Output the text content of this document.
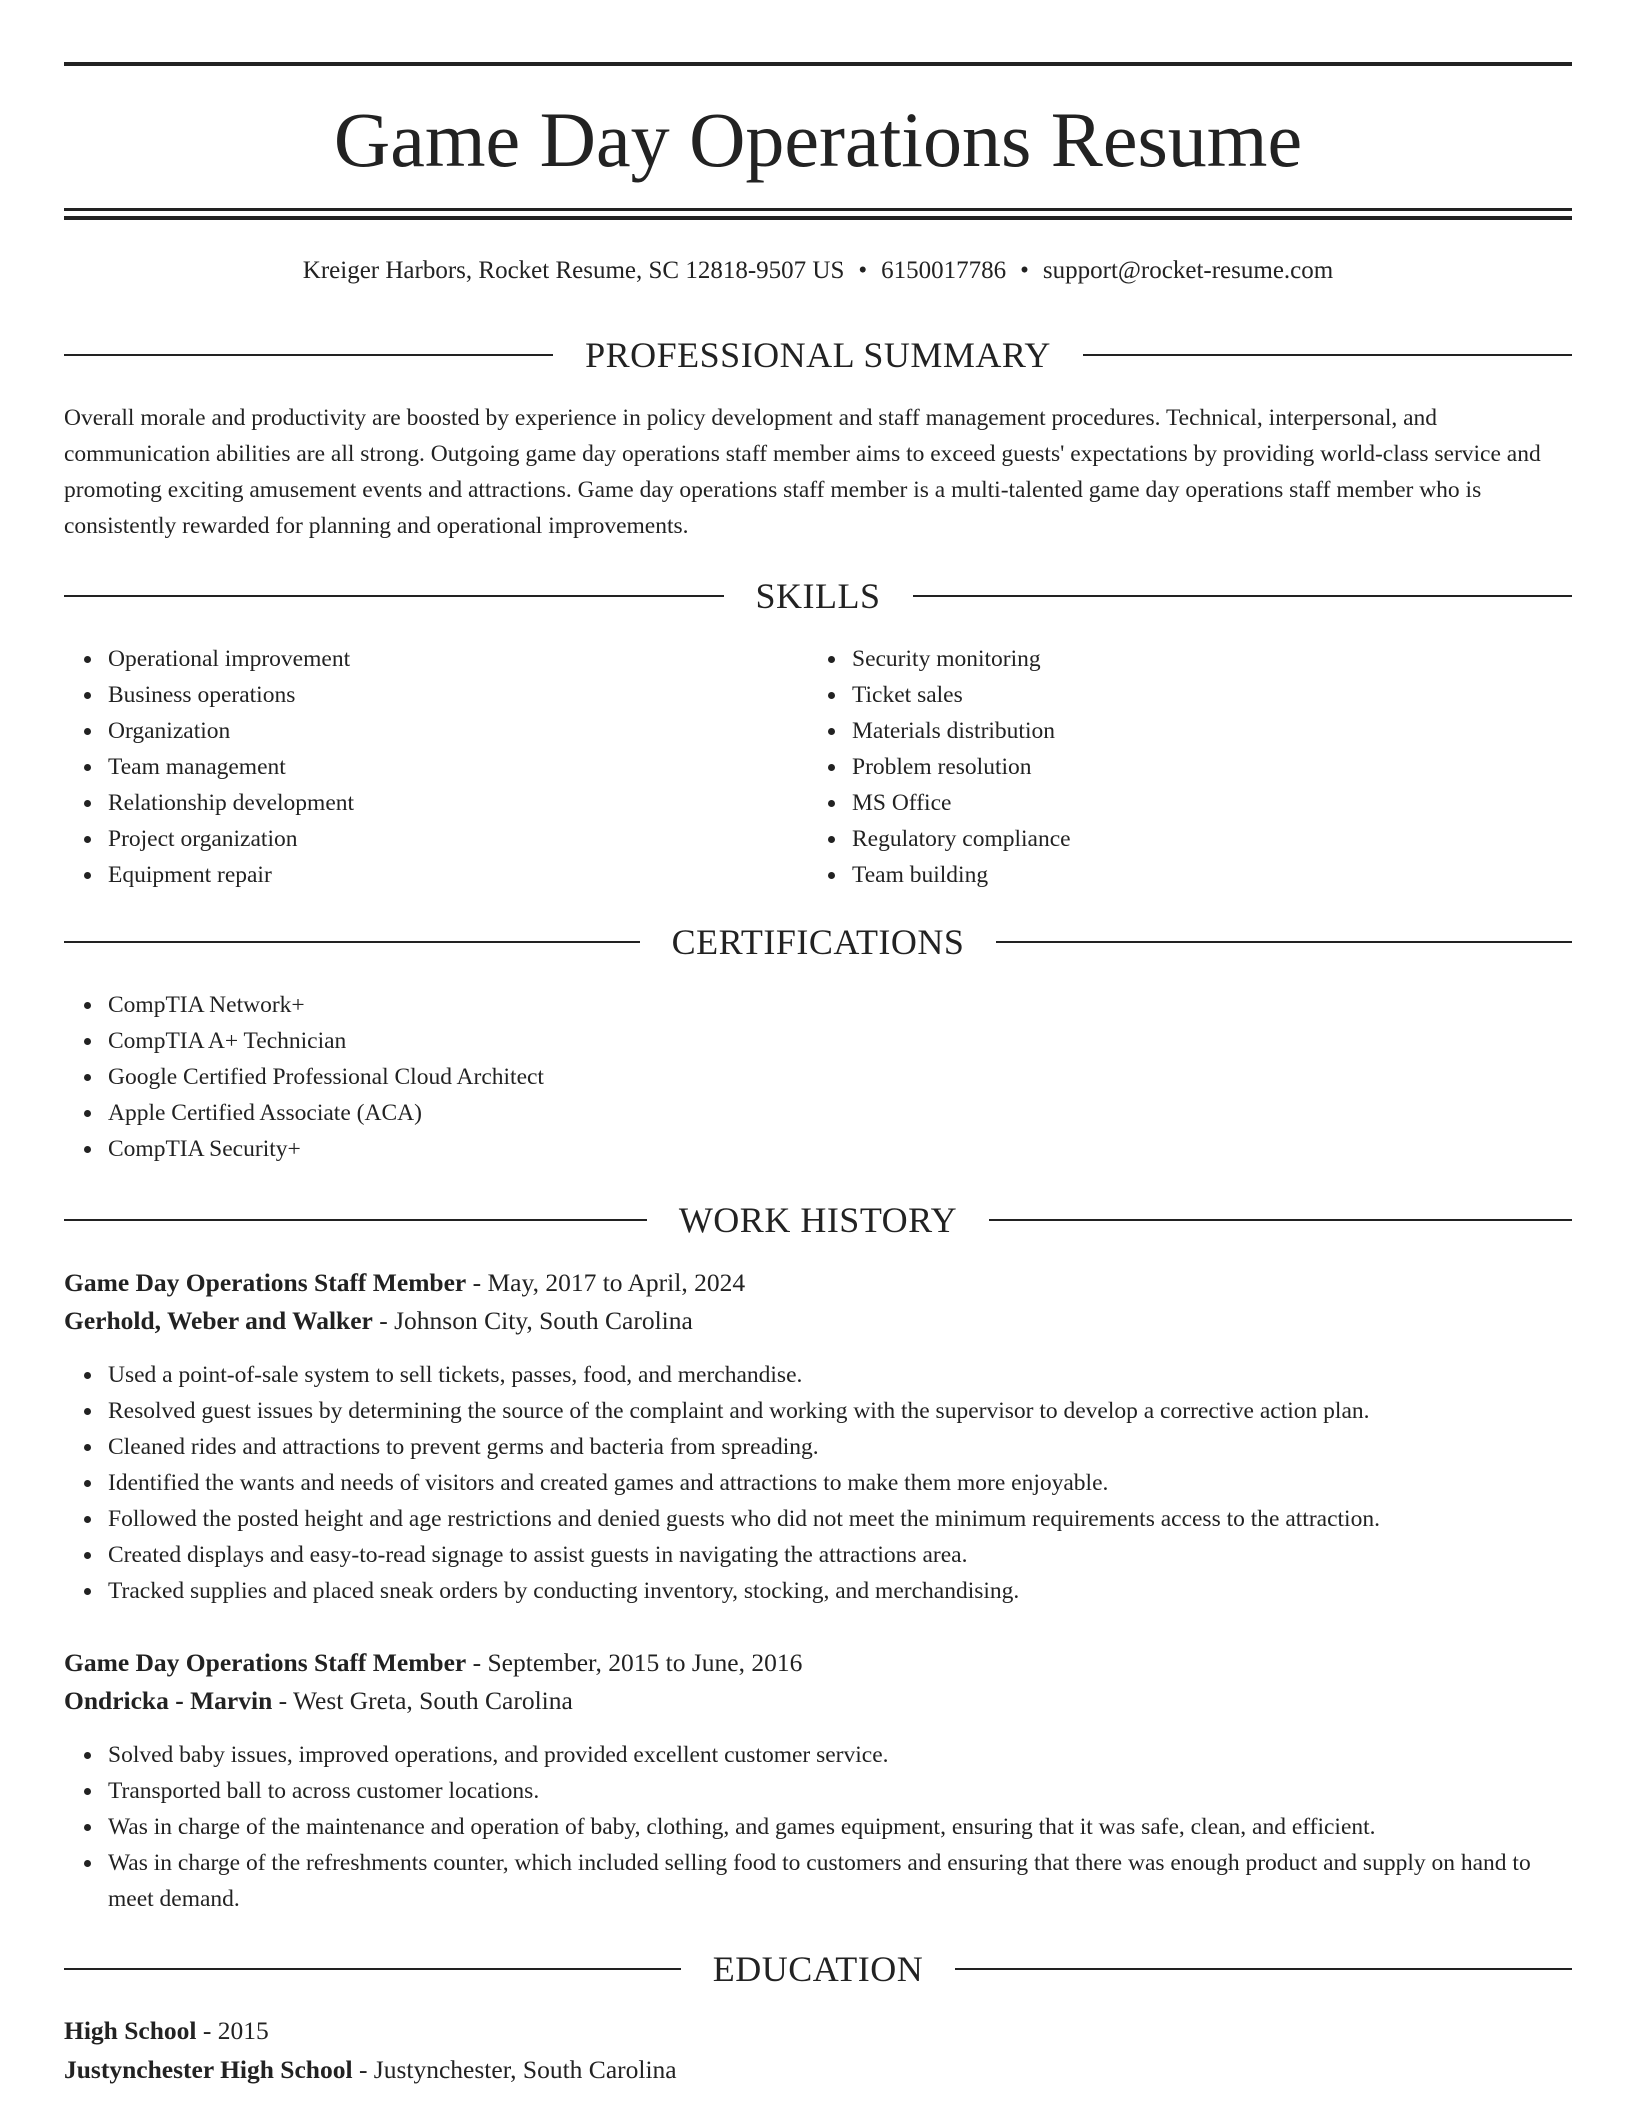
Game Day Operations Resume
Kreiger Harbors, Rocket Resume, SC 12818-9507 US • 6150017786 • support@rocket-resume.com
PROFESSIONAL SUMMARY

Overall morale and productivity are boosted by experience in policy development and staff management procedures. Technical, interpersonal, and communication abilities are all strong. Outgoing game day operations staff member aims to exceed guests' expectations by providing world-class service and promoting exciting amusement events and attractions. Game day operations staff member is a multi-talented game day operations staff member who is consistently rewarded for planning and operational improvements.

SKILLS
Operational improvement
Business operations
Organization
Team management
Relationship development
Project organization
Equipment repair
Security monitoring
Ticket sales
Materials distribution
Problem resolution
MS Office
Regulatory compliance
Team building
CERTIFICATIONS
CompTIA Network+
CompTIA A+ Technician
Google Certified Professional Cloud Architect
Apple Certified Associate (ACA)
CompTIA Security+
WORK HISTORY
Game Day Operations Staff Member - May, 2017 to April, 2024
Gerhold, Weber and Walker - Johnson City, South Carolina
Used a point-of-sale system to sell tickets, passes, food, and merchandise.
Resolved guest issues by determining the source of the complaint and working with the supervisor to develop a corrective action plan.
Cleaned rides and attractions to prevent germs and bacteria from spreading.
Identified the wants and needs of visitors and created games and attractions to make them more enjoyable.
Followed the posted height and age restrictions and denied guests who did not meet the minimum requirements access to the attraction.
Created displays and easy-to-read signage to assist guests in navigating the attractions area.
Tracked supplies and placed sneak orders by conducting inventory, stocking, and merchandising.
Game Day Operations Staff Member - September, 2015 to June, 2016
Ondricka - Marvin - West Greta, South Carolina
Solved baby issues, improved operations, and provided excellent customer service.
Transported ball to across customer locations.
Was in charge of the maintenance and operation of baby, clothing, and games equipment, ensuring that it was safe, clean, and efficient.
Was in charge of the refreshments counter, which included selling food to customers and ensuring that there was enough product and supply on hand to meet demand.
EDUCATION
High School - 2015
Justynchester High School - Justynchester, South Carolina
